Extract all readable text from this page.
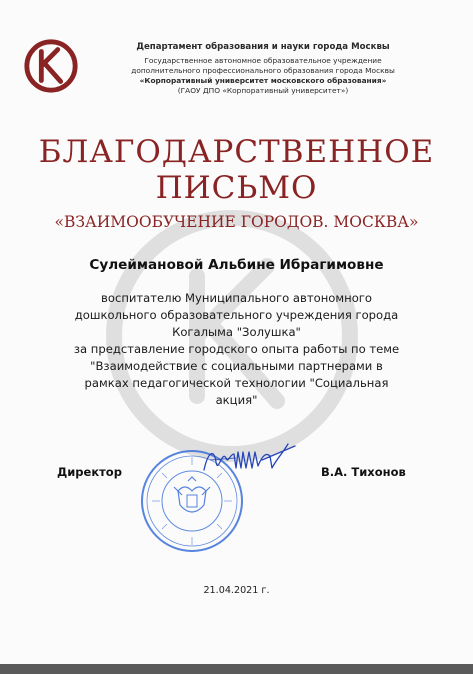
Департамент образования и науки города Москвы
Государственное автономное образовательное учреждение
дополнительного профессионального образования города Москвы
«Корпоративный университет московского образования»
(ГАОУ ДПО «Корпоративный университет»)
БЛАГОДАРСТВЕННОЕ
ПИСЬМО
«ВЗАИМООБУЧЕНИЕ ГОРОДОВ. МОСКВА»
Сулеймановой Альбине Ибрагимовне
воспитателю Муниципального автономного
дошкольного образовательного учреждения города
Когалыма "Золушка"
за представление городского опыта работы по теме
"Взаимодействие с социальными партнерами в
рамках педагогической технологии "Социальная
акция"
Директор	В.А. Тихонов
21.04.2021 г.
